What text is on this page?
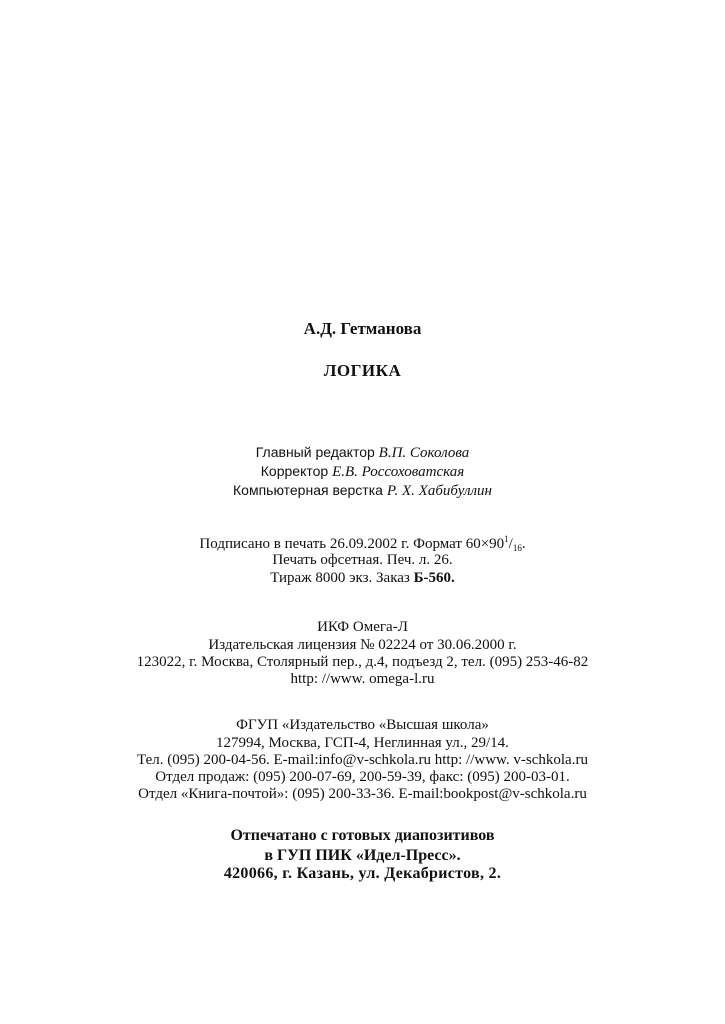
А.Д. Гетманова
ЛОГИКА
Главный редактор В.П. Соколова
Корректор Е.В. Россоховатская
Компьютерная верстка Р. Х. Хабибуллин
Подписано в печать 26.09.2002 г. Формат $60\times 90^1/_{16}$.
Печать офсетная. Печ. л. 26.
Тираж 8000 экз. Заказ Б-560.
ИКФ Омега-Л
Издательская лицензия № 02224 от 30.06.2000 г.
123022, г. Москва, Столярный пер., д.4, подъезд 2, тел. (095) 253-46-82
http: //www. omega-l.ru
ФГУП «Издательство «Высшая школа»
127994, Москва, ГСП-4, Неглинная ул., 29/14.
Тел. (095) 200-04-56. E-mail:info@v-schkola.ru http: //www. v-schkola.ru
Отдел продаж: (095) 200-07-69, 200-59-39, факс: (095) 200-03-01.
Отдел «Книга-почтой»: (095) 200-33-36. E-mail:bookpost@v-schkola.ru
Отпечатано с готовых диапозитивов
в ГУП ПИК «Идел-Пресс».
420066, г. Казань, ул. Декабристов, 2.
